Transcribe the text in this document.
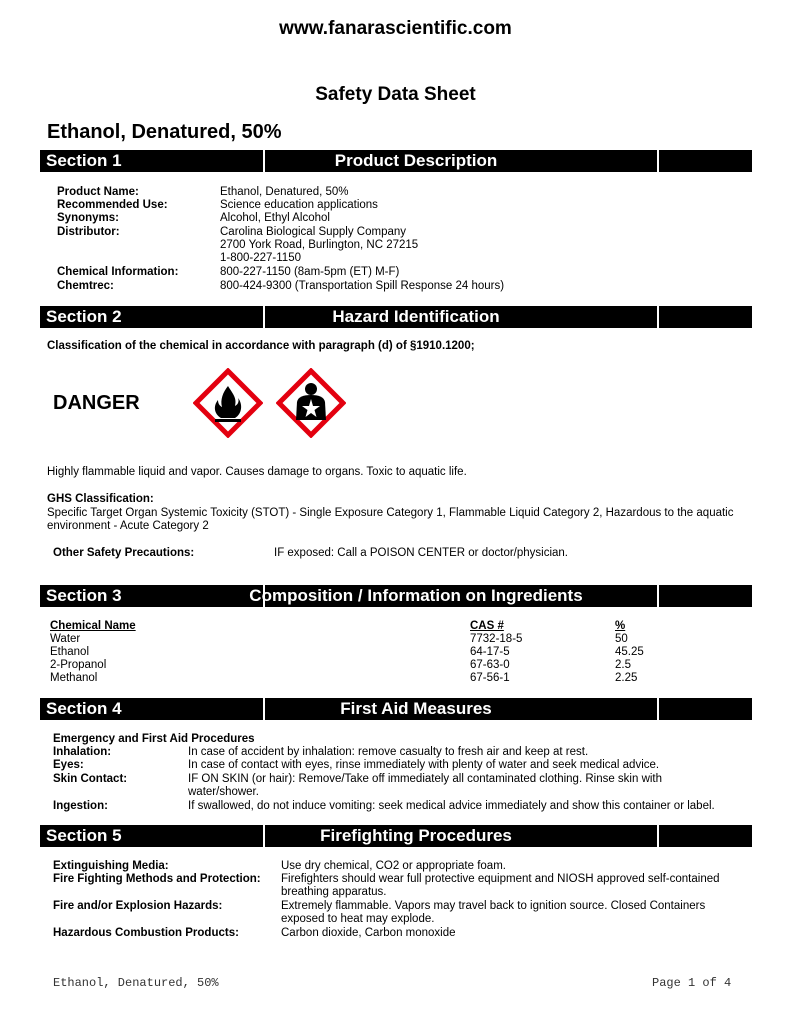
www.fanarascientific.com
Safety Data Sheet
Ethanol, Denatured, 50%
Section 1	Product Description
Product Name:	Ethanol, Denatured, 50%
Recommended Use:	Science education applications
Synonyms:	Alcohol, Ethyl Alcohol
Distributor:	Carolina Biological Supply Company
2700 York Road, Burlington, NC 27215
1-800-227-1150
Chemical Information:	800-227-1150 (8am-5pm (ET) M-F)
Chemtrec:	800-424-9300 (Transportation Spill Response 24 hours)
Section 2	Hazard Identification
Classification of the chemical in accordance with paragraph (d) of §1910.1200;
DANGER
Highly flammable liquid and vapor. Causes damage to organs. Toxic to aquatic life.
GHS Classification:
Specific Target Organ Systemic Toxicity (STOT) - Single Exposure Category 1, Flammable Liquid Category 2, Hazardous to the aquatic
environment - Acute Category 2
Other Safety Precautions:	IF exposed: Call a POISON CENTER or doctor/physician.
Section 3	Composition / Information on Ingredients
Chemical Name	CAS #	%
Water	7732-18-5	50
Ethanol	64-17-5	45.25
2-Propanol	67-63-0	2.5
Methanol	67-56-1	2.25
Section 4	First Aid Measures
Emergency and First Aid Procedures
Inhalation:	In case of accident by inhalation: remove casualty to fresh air and keep at rest.
Eyes:	In case of contact with eyes, rinse immediately with plenty of water and seek medical advice.
Skin Contact:	IF ON SKIN (or hair): Remove/Take off immediately all contaminated clothing. Rinse skin with
water/shower.
Ingestion:	If swallowed, do not induce vomiting: seek medical advice immediately and show this container or label.
Section 5	Firefighting Procedures
Extinguishing Media:	Use dry chemical, CO2 or appropriate foam.
Fire Fighting Methods and Protection: Firefighters should wear full protective equipment and NIOSH approved self-contained
breathing apparatus.
Fire and/or Explosion Hazards:	Extremely flammable. Vapors may travel back to ignition source. Closed Containers
exposed to heat may explode.
Hazardous Combustion Products:	Carbon dioxide, Carbon monoxide
Ethanol, Denatured, 50%	Page 1 of 4
